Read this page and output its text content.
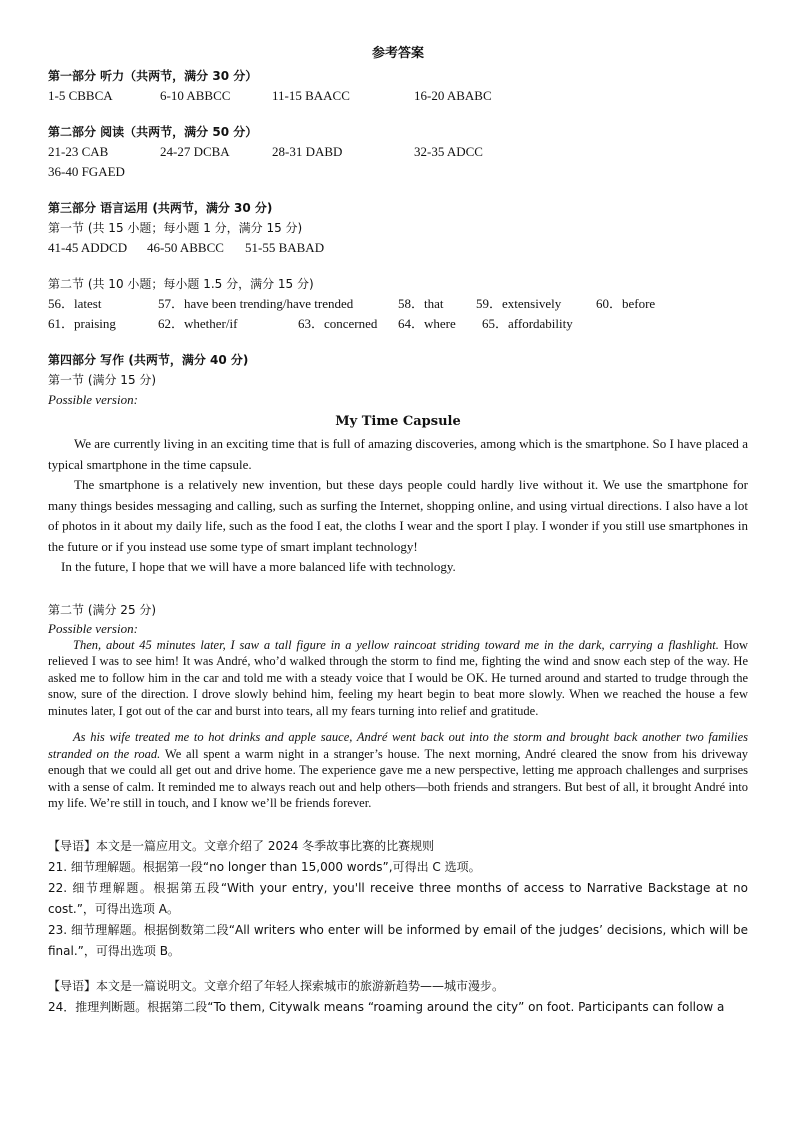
参考答案
第一部分 听力（共两节，满分 30 分）
1-5 CBBCA	6-10 ABBCC	11-15 BAACC	16-20 ABABC
第二部分 阅读（共两节，满分 50 分）
21-23 CAB	24-27 DCBA	28-31 DABD	32-35 ADCC
36-40 FGAED
第三部分 语言运用 (共两节，满分 30 分)
第一节 (共 15 小题；每小题 1 分，满分 15 分)
41-45 ADDCD 46-50 ABBCC 51-55 BABAD
第二节 (共 10 小题；每小题 1.5 分，满分 15 分)
56．latest	57．have been trending/have trended	58．that	59．extensively	60．before
61．praising	62．whether/if	63．concerned 64．where 65．affordability
第四部分 写作 (共两节，满分 40 分)
第一节 (满分 15 分)
Possible version:
My Time Capsule

We are currently living in an exciting time that is full of amazing discoveries, among which is the smartphone. So I have placed a typical smartphone in the time capsule.

The smartphone is a relatively new invention, but these days people could hardly live without it. We use the smartphone for many things besides messaging and calling, such as surfing the Internet, shopping online, and using virtual directions. I also have a lot of photos in it about my daily life, such as the food I eat, the cloths I wear and the sport I play. I wonder if you still use smartphones in the future or if you instead use some type of smart implant technology!

In the future, I hope that we will have a more balanced life with technology.

第二节 (满分 25 分)
Possible version:

Then, about 45 minutes later, I saw a tall figure in a yellow raincoat striding toward me in the dark, carrying a flashlight. How relieved I was to see him! It was André, who’d walked through the storm to find me, fighting the wind and snow each step of the way. He asked me to follow him in the car and told me with a steady voice that I would be OK. He turned around and started to trudge through the snow, sure of the direction. I drove slowly behind him, feeling my heart begin to beat more slowly. When we reached the house a few minutes later, I got out of the car and burst into tears, all my fears turning into relief and gratitude.

As his wife treated me to hot drinks and apple sauce, André went back out into the storm and brought back another two families stranded on the road. We all spent a warm night in a stranger’s house. The next morning, André cleared the snow from his driveway enough that we could all get out and drive home. The experience gave me a new perspective, letting me approach challenges and surprises with a sense of calm. It reminded me to always reach out and help others—both friends and strangers. But best of all, it brought André into my life. We’re still in touch, and I know we’ll be friends forever.

【导语】本文是一篇应用文。文章介绍了 2024 冬季故事比赛的比赛规则

21. 细节理解题。根据第一段“no longer than 15,000 words”,可得出 C 选项。

22. 细节理解题。根据第五段“With your entry, you'll receive three months of access to Narrative Backstage at no cost.”，可得出选项 A。

23. 细节理解题。根据倒数第二段“All writers who enter will be informed by email of the judges’ decisions, which will be final.”，可得出选项 B。

【导语】本文是一篇说明文。文章介绍了年轻人探索城市的旅游新趋势——城市漫步。

24．推理判断题。根据第二段“To them, Citywalk means “roaming around the city” on foot. Participants can follow a
